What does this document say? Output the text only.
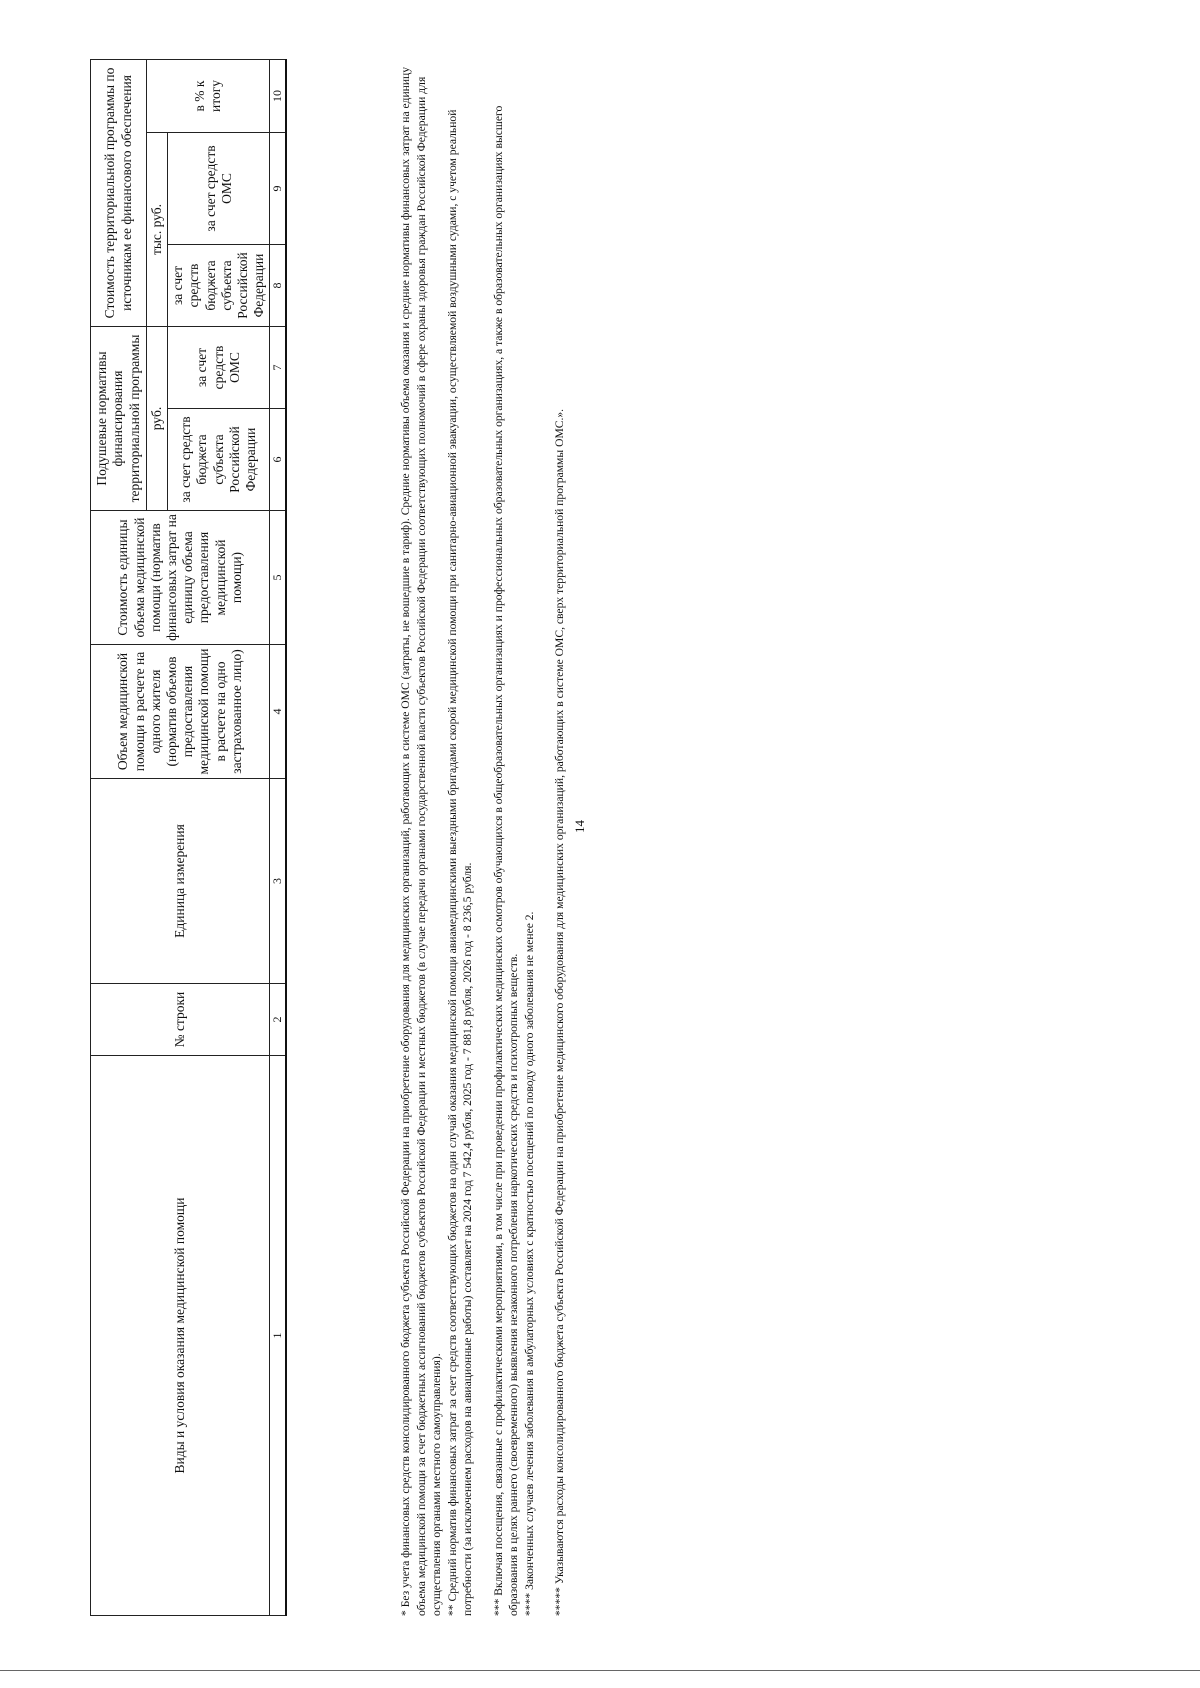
14
Виды и условия оказания медицинской помощи	№ строки	Единица измерения	Объем медицинской помощи в расчете на одного жителя (норматив объемов предоставления медицинской помощи в расчете на одно застрахованное лицо)	Стоимость единицы объема медицинской помощи (норматив финансовых затрат на единицу объема предоставления медицинской помощи)	Подушевые нормативы финансирования территориальной программы		Стоимость территориальной программы по источникам ее финансового обеспечения		
					руб.		тыс. руб.		в % к итогу
					за счет средств бюджета субъекта Российской Федерации	за счет средств ОМС	за счет средств бюджета субъекта Российской Федерации	за счет средств ОМС	
1	2	3	4	5	6	7	8	9	10	* Без учета финансовых средств консолидированного бюджета субъекта Российской Федерации на приобретение оборудования для медицинских организаций, работающих в системе ОМС (затраты, не вошедшие в тариф). Средние нормативы объема оказания и средние нормативы финансовых затрат на единицу объема медицинской помощи за счет бюджетных ассигнований бюджетов субъектов Российской Федерации и местных бюджетов (в случае передачи органами государственной власти субъектов Российской Федерации соответствующих полномочий в сфере охраны здоровья граждан Российской Федерации для осуществления органами местного самоуправления). ** Средний норматив финансовых затрат за счет средств соответствующих бюджетов на один случай оказания медицинской помощи авиамедицинскими выездными бригадами скорой медицинской помощи при санитарно-авиационной эвакуации, осуществляемой воздушными судами, с учетом реальной потребности (за исключением расходов на авиационные работы) составляет на 2024 год 7 542,4 рубля, 2025 год - 7 881,8 рубля, 2026 год - 8 236,5 рубля. *** Включая посещения, связанные с профилактическими мероприятиями, в том числе при проведении профилактических медицинских осмотров обучающихся в общеобразовательных организациях и профессиональных образовательных организациях, а также в образовательных организациях высшего образования в целях раннего (своевременного) выявления незаконного потребления наркотических средств и психотропных веществ. **** Законченных случаев лечения заболевания в амбулаторных условиях с кратностью посещений по поводу одного заболевания не менее 2. ***** Указываются расходы консолидированного бюджета субъекта Российской Федерации на приобретение медицинского оборудования для медицинских организаций, работающих в системе ОМС, сверх территориальной программы ОМС.».
